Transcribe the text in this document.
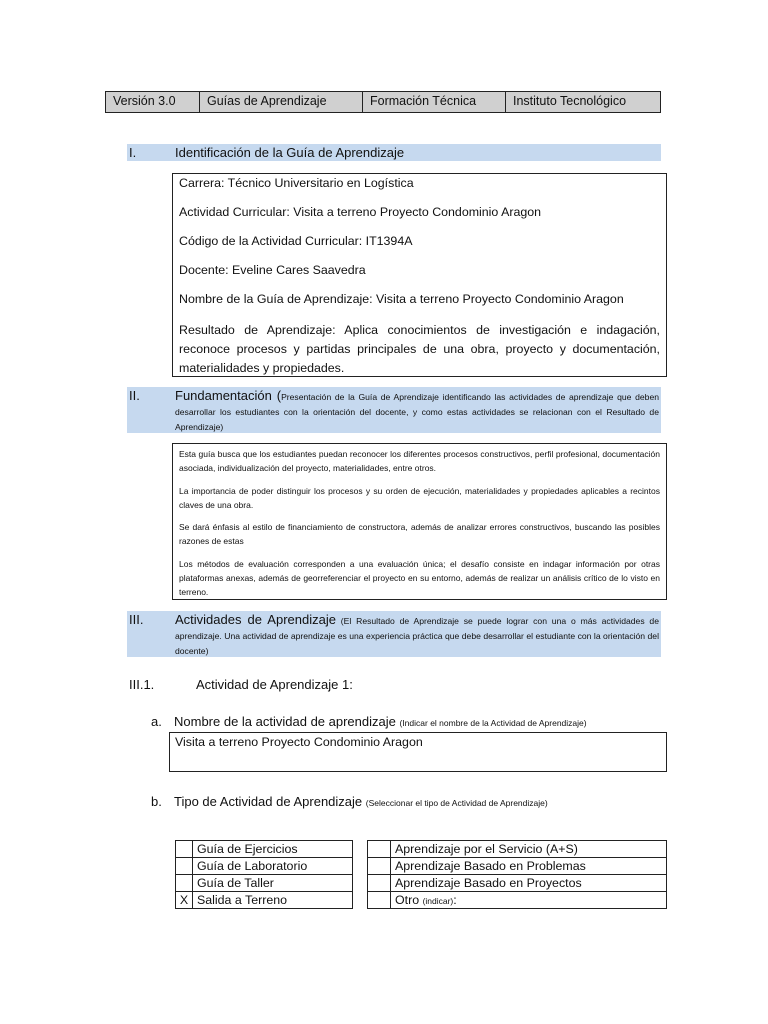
Versión 3.0	Guías de Aprendizaje	Formación Técnica	Instituto Tecnológico
I.	Identificación de la Guía de Aprendizaje

Carrera: Técnico Universitario en Logística

Actividad Curricular: Visita a terreno Proyecto Condominio Aragon

Código de la Actividad Curricular: IT1394A

Docente: Eveline Cares Saavedra

Nombre de la Guía de Aprendizaje: Visita a terreno Proyecto Condominio Aragon

Resultado de Aprendizaje: Aplica conocimientos de investigación e indagación, reconoce procesos y partidas principales de una obra, proyecto y documentación, materialidades y propiedades.

II.	Fundamentación (Presentación de la Guía de Aprendizaje identificando las actividades de aprendizaje que deben desarrollar los estudiantes con la orientación del docente, y como estas actividades se relacionan con el Resultado de Aprendizaje)

Esta guía busca que los estudiantes puedan reconocer los diferentes procesos constructivos, perfil profesional, documentación asociada, individualización del proyecto, materialidades, entre otros.

La importancia de poder distinguir los procesos y su orden de ejecución, materialidades y propiedades aplicables a recintos claves de una obra.

Se dará énfasis al estilo de financiamiento de constructora, además de analizar errores constructivos, buscando las posibles razones de estas

Los métodos de evaluación corresponden a una evaluación única; el desafío consiste en indagar información por otras plataformas anexas, además de georreferenciar el proyecto en su entorno, además de realizar un análisis crítico de lo visto en terreno.

III. Actividades de Aprendizaje (El Resultado de Aprendizaje se puede lograr con una o más actividades de aprendizaje. Una actividad de aprendizaje es una experiencia práctica que debe desarrollar el estudiante con la orientación del docente)
III.1.	Actividad de Aprendizaje 1:
a. Nombre de la actividad de aprendizaje (Indicar el nombre de la Actividad de Aprendizaje)

Visita a terreno Proyecto Condominio Aragon

b. Tipo de Actividad de Aprendizaje (Seleccionar el tipo de Actividad de Aprendizaje)
	Guía de Ejercicios
	Guía de Laboratorio
	Guía de Taller
X	Salida a Terreno
	Aprendizaje por el Servicio (A+S)
	Aprendizaje Basado en Problemas
	Aprendizaje Basado en Proyectos
	Otro (indicar):
